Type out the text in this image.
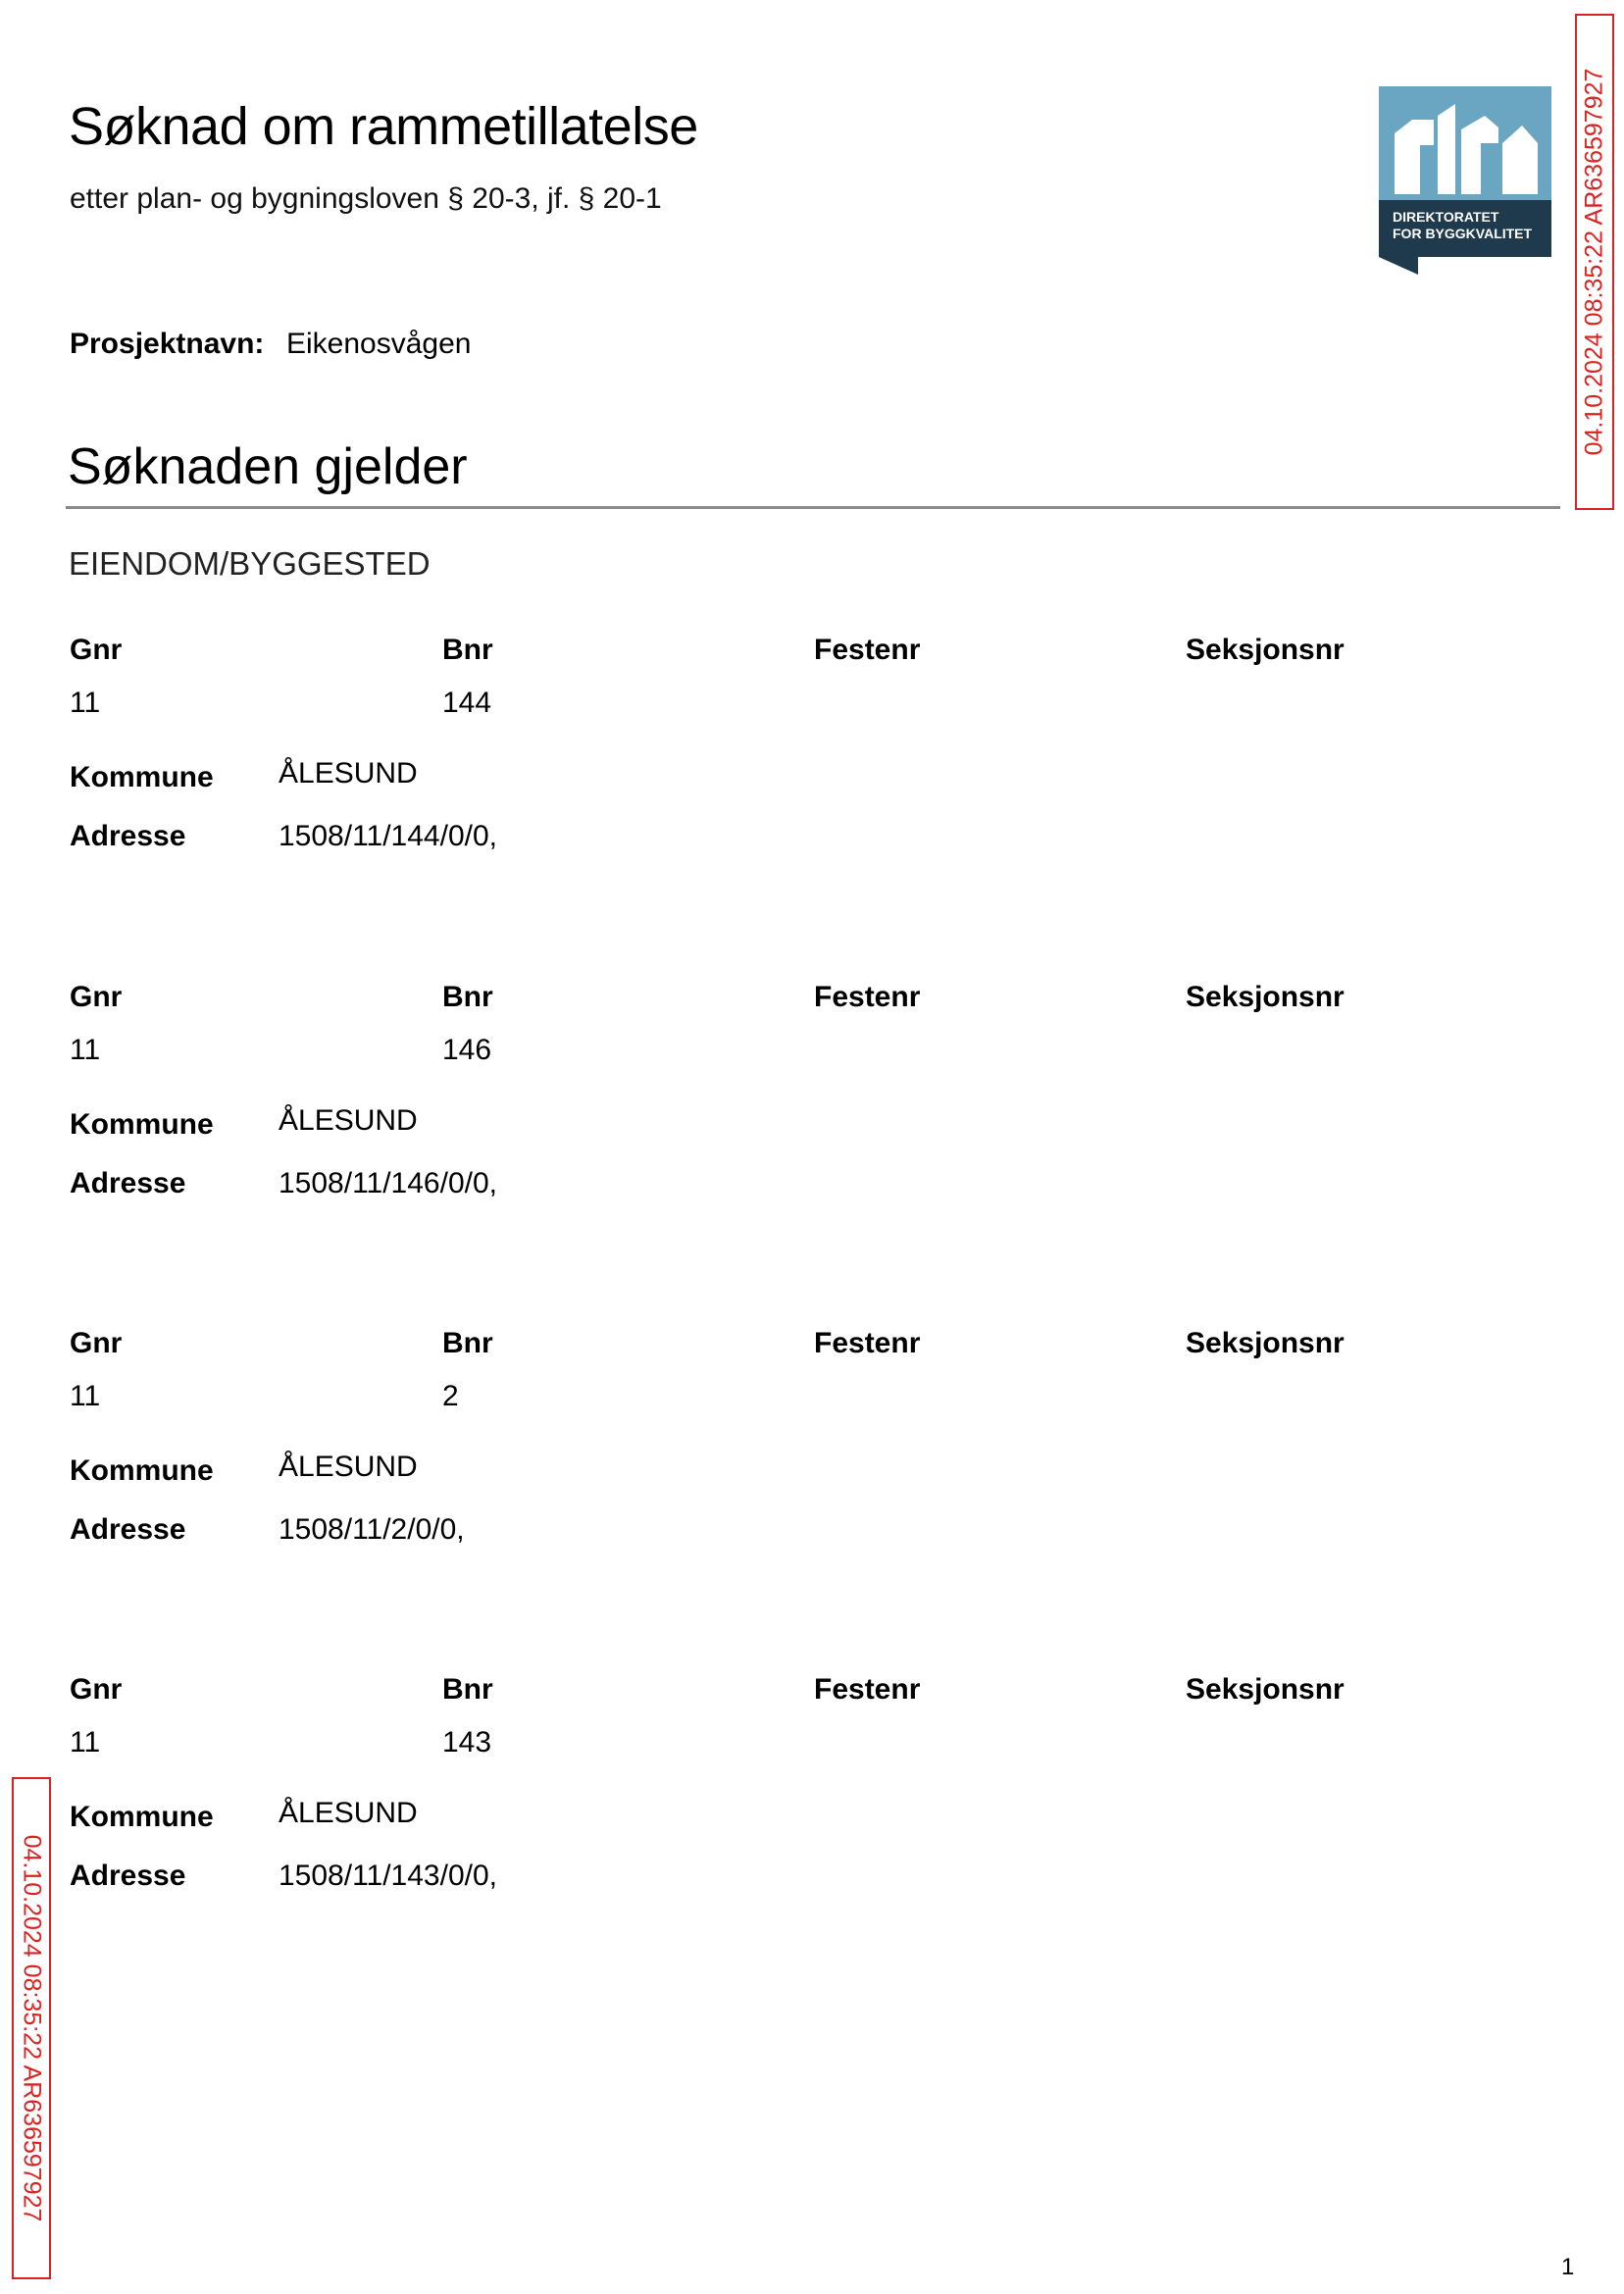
Søknad om rammetillatelse
etter plan- og bygningsloven § 20-3, jf. § 20-1
DIREKTORATET
FOR BYGGKVALITET	04.10.2024 08:35:22 AR636597927
Prosjektnavn: Eikenosvågen
Søknaden gjelder
EIENDOM/BYGGESTED
Gnr	Bnr	Festenr	Seksjonsnr
11	144
Kommune ÅLESUND
Adresse	1508/11/144/0/0,
Gnr	Bnr	Festenr	Seksjonsnr
11	146
Kommune ÅLESUND
Adresse	1508/11/146/0/0,
Gnr	Bnr	Festenr	Seksjonsnr
11	2
Kommune ÅLESUND
Adresse	1508/11/2/0/0,
Gnr	Bnr	Festenr	Seksjonsnr
11	143
Kommune ÅLESUND
Adresse	1508/11/143/0/0,
04.10.2024 08:35:22 AR636597927
1
